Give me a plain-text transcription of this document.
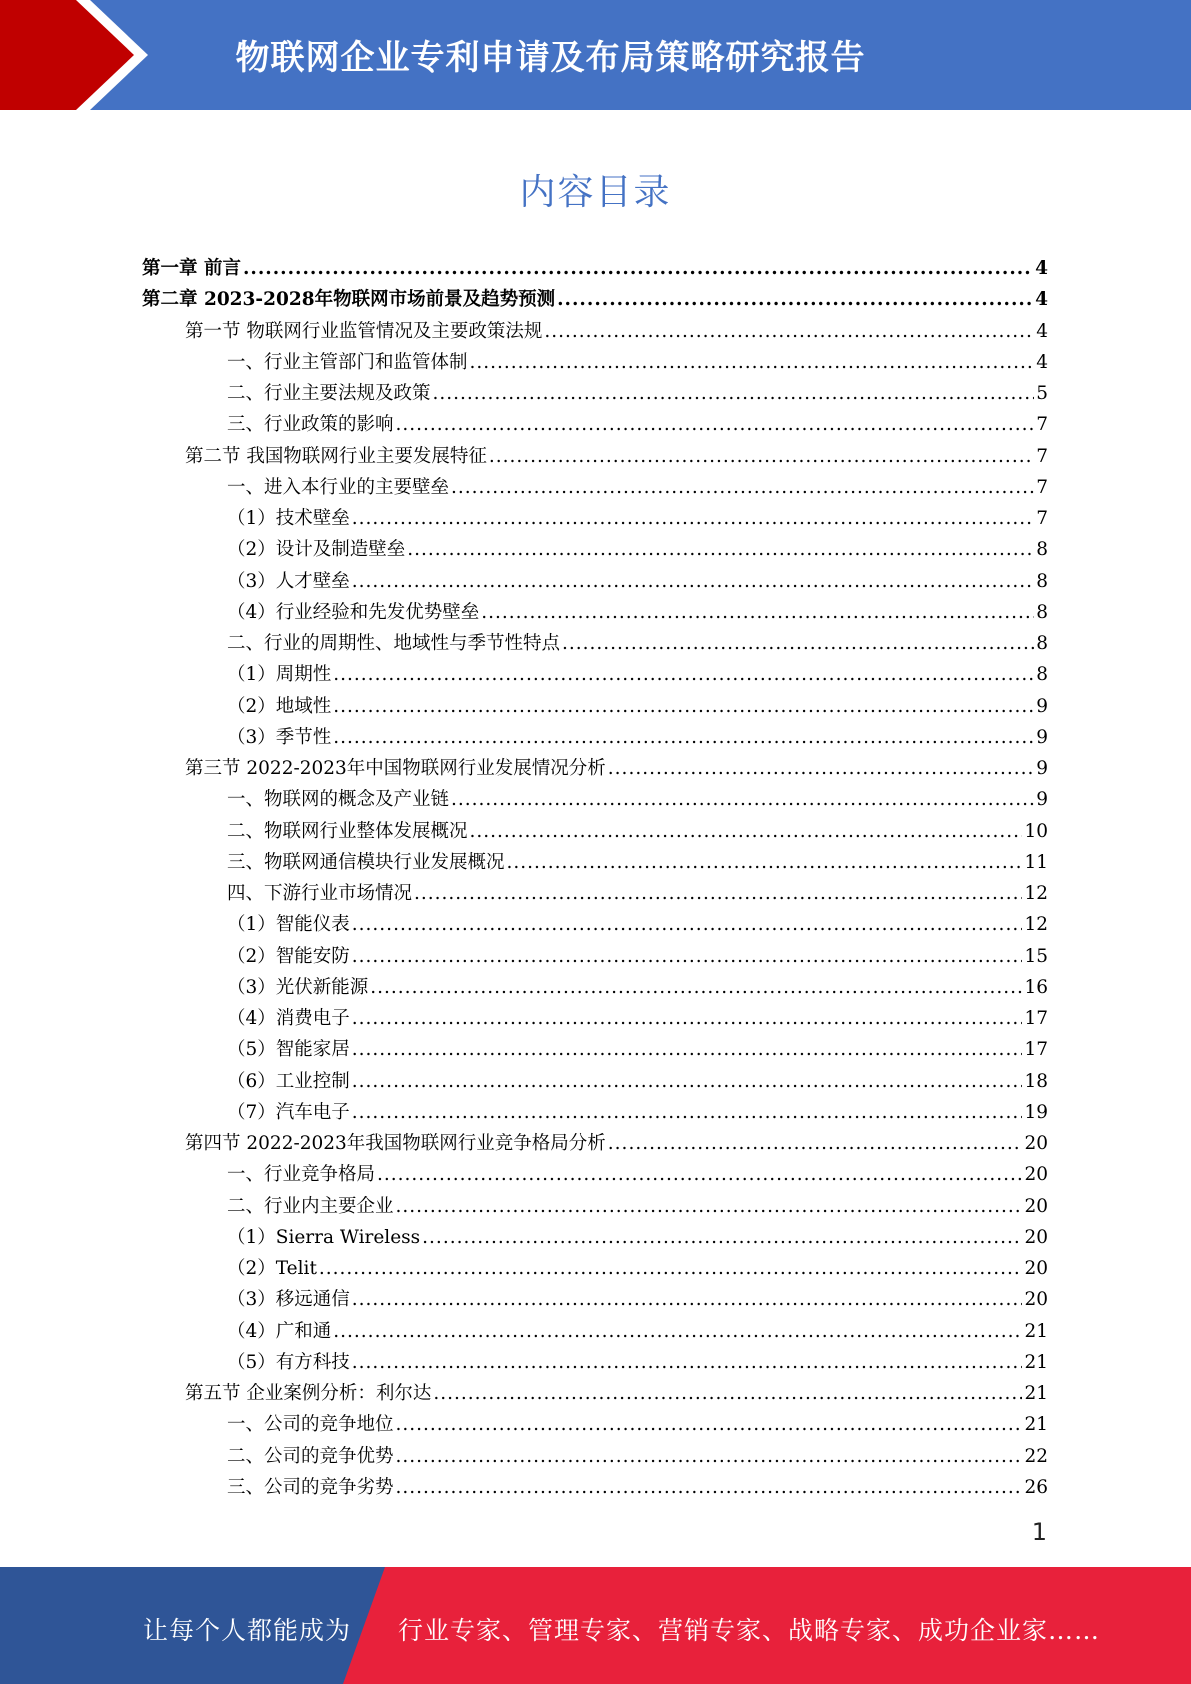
物联网企业专利申请及布局策略研究报告
内容目录
第一章 前言 .....	4
第二章 2023-2028年物联网市场前景及趋势预测 .....	4
第一节 物联网行业监管情况及主要政策法规 .....	4
一、行业主管部门和监管体制 .....	4
二、行业主要法规及政策 .....	5
三、行业政策的影响 .....	7
第二节 我国物联网行业主要发展特征 .....	7
一、进入本行业的主要壁垒 .....	7
（1）技术壁垒 .....	7
（2）设计及制造壁垒 .....	8
（3）人才壁垒 .....	8
（4）行业经验和先发优势壁垒 .....	8
二、行业的周期性、地域性与季节性特点 .....	8
（1）周期性 .....	8
（2）地域性 .....	9
（3）季节性 .....	9
第三节 2022-2023年中国物联网行业发展情况分析 .....	9
一、物联网的概念及产业链 .....	9
二、物联网行业整体发展概况 .....	10
三、物联网通信模块行业发展概况 .....	11
四、下游行业市场情况 .....	12
（1）智能仪表 .....	12
（2）智能安防 .....	15
（3）光伏新能源 .....	16
（4）消费电子 .....	17
（5）智能家居 .....	17
（6）工业控制 .....	18
（7）汽车电子 .....	19
第四节 2022-2023年我国物联网行业竞争格局分析 .....	20
一、行业竞争格局 .....	20
二、行业内主要企业 .....	20
（1）Sierra Wireless .....	20
（2）Telit .....	20
（3）移远通信 .....	20
（4）广和通 .....	21
（5）有方科技 .....	21
第五节 企业案例分析：利尔达 .....	21
一、公司的竞争地位 .....	21
二、公司的竞争优势 .....	22
三、公司的竞争劣势 .....	26
1
让每个人都能成为 行业专家、管理专家、营销专家、战略专家、成功企业家……
